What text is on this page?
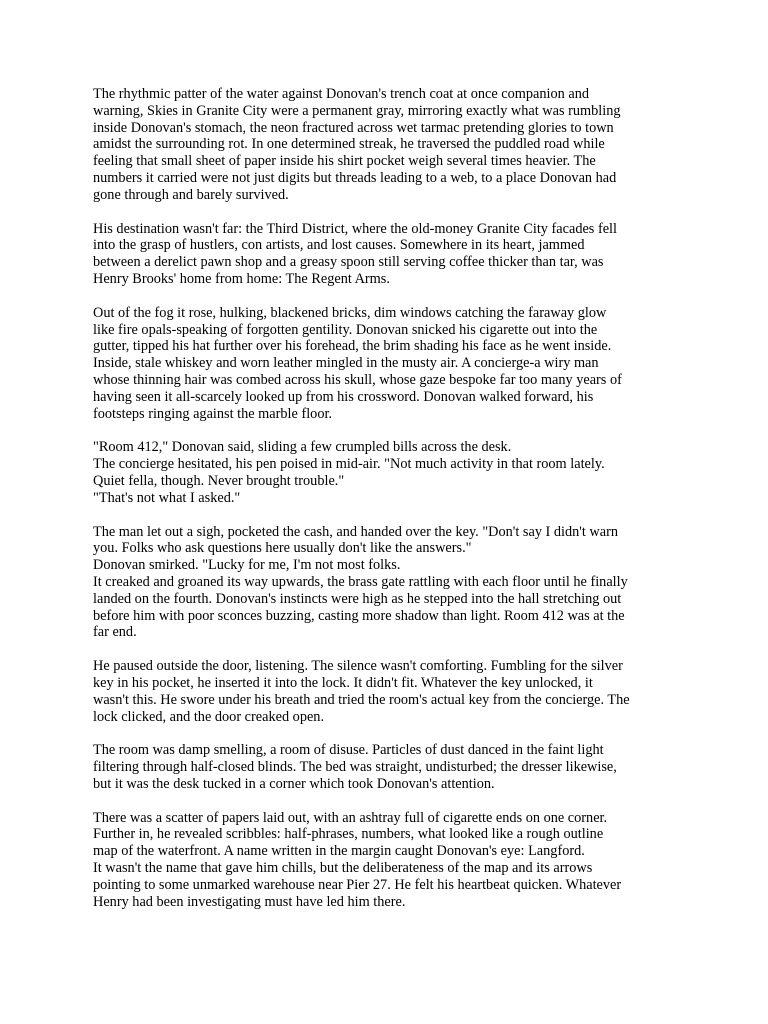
The rhythmic patter of the water against Donovan's trench coat at once companion and
warning, Skies in Granite City were a permanent gray, mirroring exactly what was rumbling
inside Donovan's stomach, the neon fractured across wet tarmac pretending glories to town
amidst the surrounding rot. In one determined streak, he traversed the puddled road while
feeling that small sheet of paper inside his shirt pocket weigh several times heavier. The
numbers it carried were not just digits but threads leading to a web, to a place Donovan had
gone through and barely survived.

His destination wasn't far: the Third District, where the old-money Granite City facades fell
into the grasp of hustlers, con artists, and lost causes. Somewhere in its heart, jammed
between a derelict pawn shop and a greasy spoon still serving coffee thicker than tar, was
Henry Brooks' home from home: The Regent Arms.

Out of the fog it rose, hulking, blackened bricks, dim windows catching the faraway glow
like fire opals-speaking of forgotten gentility. Donovan snicked his cigarette out into the
gutter, tipped his hat further over his forehead, the brim shading his face as he went inside.
Inside, stale whiskey and worn leather mingled in the musty air. A concierge-a wiry man
whose thinning hair was combed across his skull, whose gaze bespoke far too many years of
having seen it all-scarcely looked up from his crossword. Donovan walked forward, his
footsteps ringing against the marble floor.

"Room 412," Donovan said, sliding a few crumpled bills across the desk.
The concierge hesitated, his pen poised in mid-air. "Not much activity in that room lately.
Quiet fella, though. Never brought trouble."
"That's not what I asked."

The man let out a sigh, pocketed the cash, and handed over the key. "Don't say I didn't warn
you. Folks who ask questions here usually don't like the answers."
Donovan smirked. "Lucky for me, I'm not most folks.
It creaked and groaned its way upwards, the brass gate rattling with each floor until he finally
landed on the fourth. Donovan's instincts were high as he stepped into the hall stretching out
before him with poor sconces buzzing, casting more shadow than light. Room 412 was at the
far end.

He paused outside the door, listening. The silence wasn't comforting. Fumbling for the silver
key in his pocket, he inserted it into the lock. It didn't fit. Whatever the key unlocked, it
wasn't this. He swore under his breath and tried the room's actual key from the concierge. The
lock clicked, and the door creaked open.

The room was damp smelling, a room of disuse. Particles of dust danced in the faint light
filtering through half-closed blinds. The bed was straight, undisturbed; the dresser likewise,
but it was the desk tucked in a corner which took Donovan's attention.

There was a scatter of papers laid out, with an ashtray full of cigarette ends on one corner.
Further in, he revealed scribbles: half-phrases, numbers, what looked like a rough outline
map of the waterfront. A name written in the margin caught Donovan's eye: Langford.
It wasn't the name that gave him chills, but the deliberateness of the map and its arrows
pointing to some unmarked warehouse near Pier 27. He felt his heartbeat quicken. Whatever
Henry had been investigating must have led him there.
